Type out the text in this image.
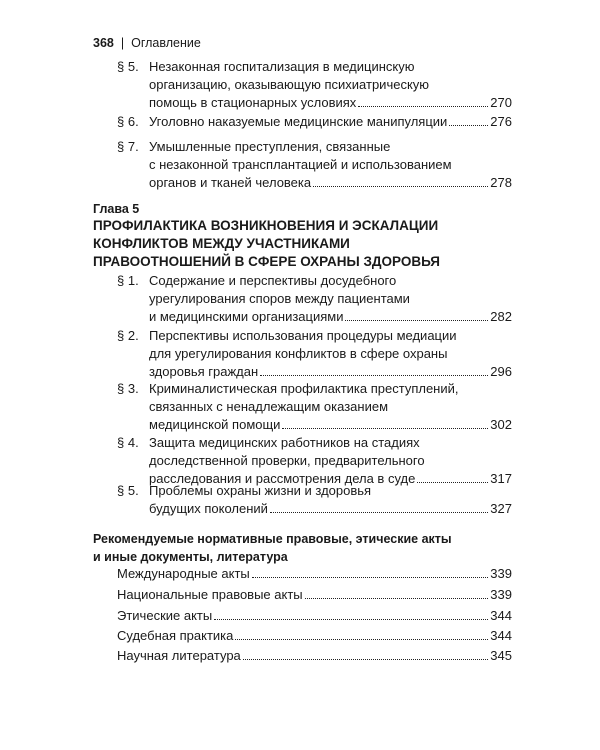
368 | Оглавление
§ 5. Незаконная госпитализация в медицинскую
организацию, оказывающую психиатрическую
помощь в стационарных условиях	270
§ 6. Уголовно наказуемые медицинские манипуляции	276
§ 7. Умышленные преступления, связанные
с незаконной трансплантацией и использованием
органов и тканей человека	278
Глава 5
ПРОФИЛАКТИКА ВОЗНИКНОВЕНИЯ И ЭСКАЛАЦИИ
КОНФЛИКТОВ МЕЖДУ УЧАСТНИКАМИ
ПРАВООТНОШЕНИЙ В СФЕРЕ ОХРАНЫ ЗДОРОВЬЯ
§ 1. Содержание и перспективы досудебного
урегулирования споров между пациентами
и медицинскими организациями	282
§ 2. Перспективы использования процедуры медиации
для урегулирования конфликтов в сфере охраны
здоровья граждан	296
§ 3. Криминалистическая профилактика преступлений,
связанных с ненадлежащим оказанием
медицинской помощи	302
§ 4. Защита медицинских работников на стадиях
доследственной проверки, предварительного
расследования и рассмотрения дела в суде	317
§ 5. Проблемы охраны жизни и здоровья
будущих поколений	327
Рекомендуемые нормативные правовые, этические акты
и иные документы, литература
Международные акты	339
Национальные правовые акты	339
Этические акты	344
Судебная практика	344
Научная литература	345
